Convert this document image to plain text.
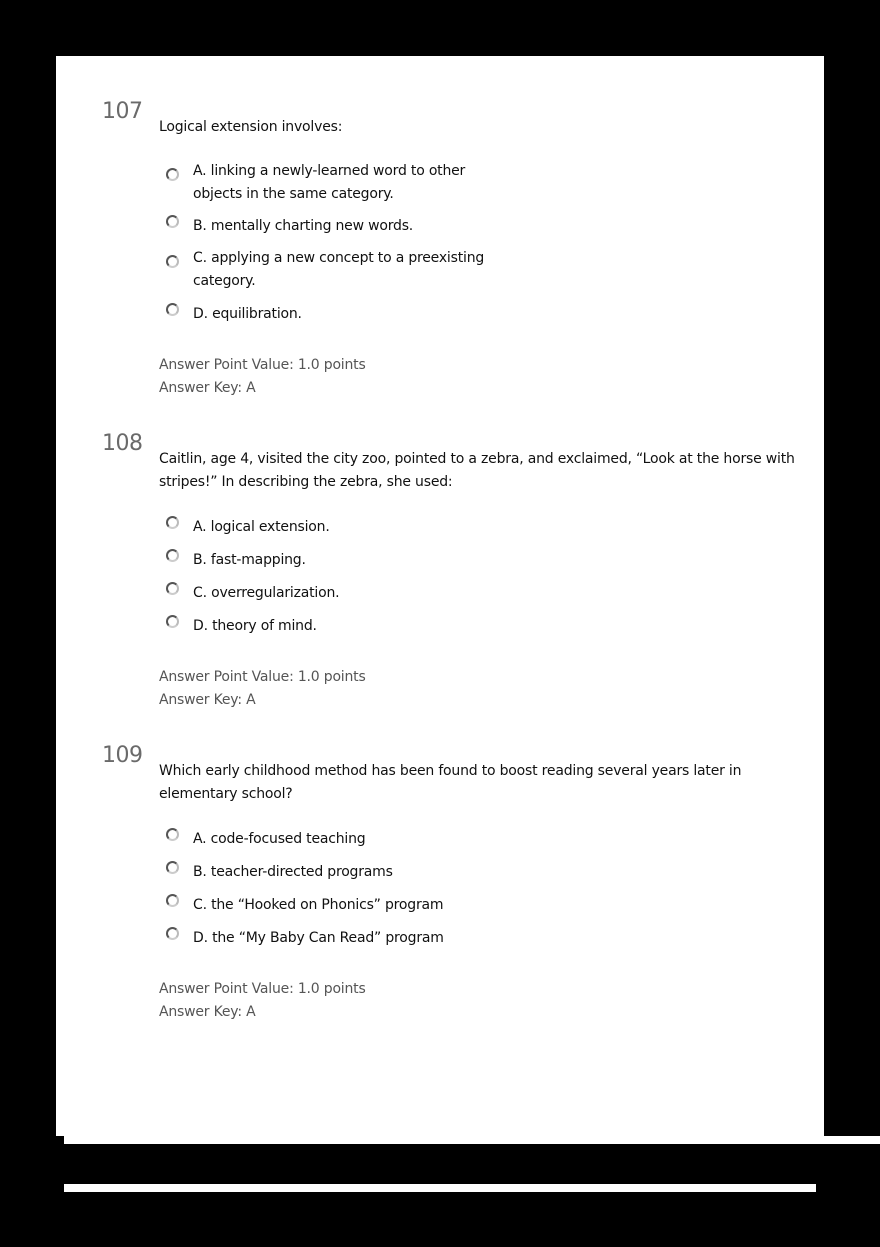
107
Logical extension involves:
A. linking a newly-learned word to other objects in the same category.
B. mentally charting new words.
C. applying a new concept to a preexisting category.
D. equilibration.
Answer Point Value: 1.0 points
Answer Key: A
108
Caitlin, age 4, visited the city zoo, pointed to a zebra, and exclaimed, “Look at the horse with stripes!” In describing the zebra, she used:
A. logical extension.
B. fast-mapping.
C. overregularization.
D. theory of mind.
Answer Point Value: 1.0 points
Answer Key: A
109
Which early childhood method has been found to boost reading several years later in elementary school?
A. code-focused teaching
B. teacher-directed programs
C. the “Hooked on Phonics” program
D. the “My Baby Can Read” program
Answer Point Value: 1.0 points
Answer Key: A
